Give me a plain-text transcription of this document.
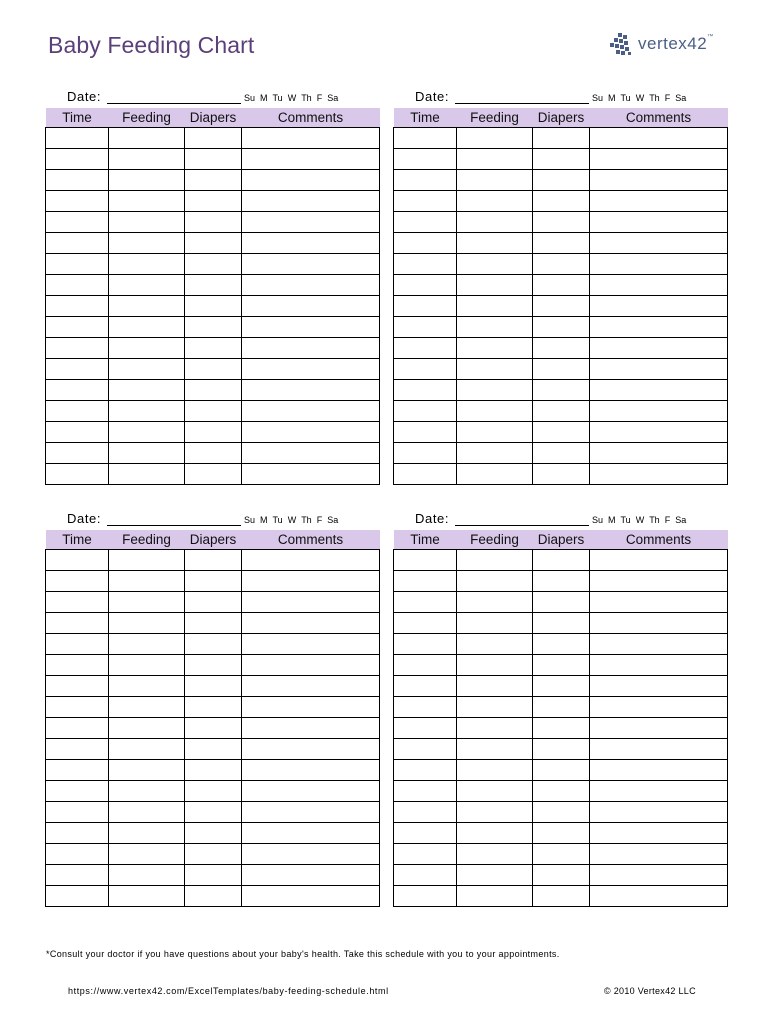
Baby Feeding Chart	vertex42™
Date:	Su M Tu W Th F Sa
Time	Feeding	Diapers	Comments

Date:	Su M Tu W Th F Sa
Time	Feeding	Diapers	Comments

Date:	Su M Tu W Th F Sa
Time	Feeding	Diapers	Comments

Date:	Su M Tu W Th F Sa
Time	Feeding	Diapers	Comments

*Consult your doctor if you have questions about your baby's health. Take this schedule with you to your appointments.
https://www.vertex42.com/ExcelTemplates/baby-feeding-schedule.html	© 2010 Vertex42 LLC
